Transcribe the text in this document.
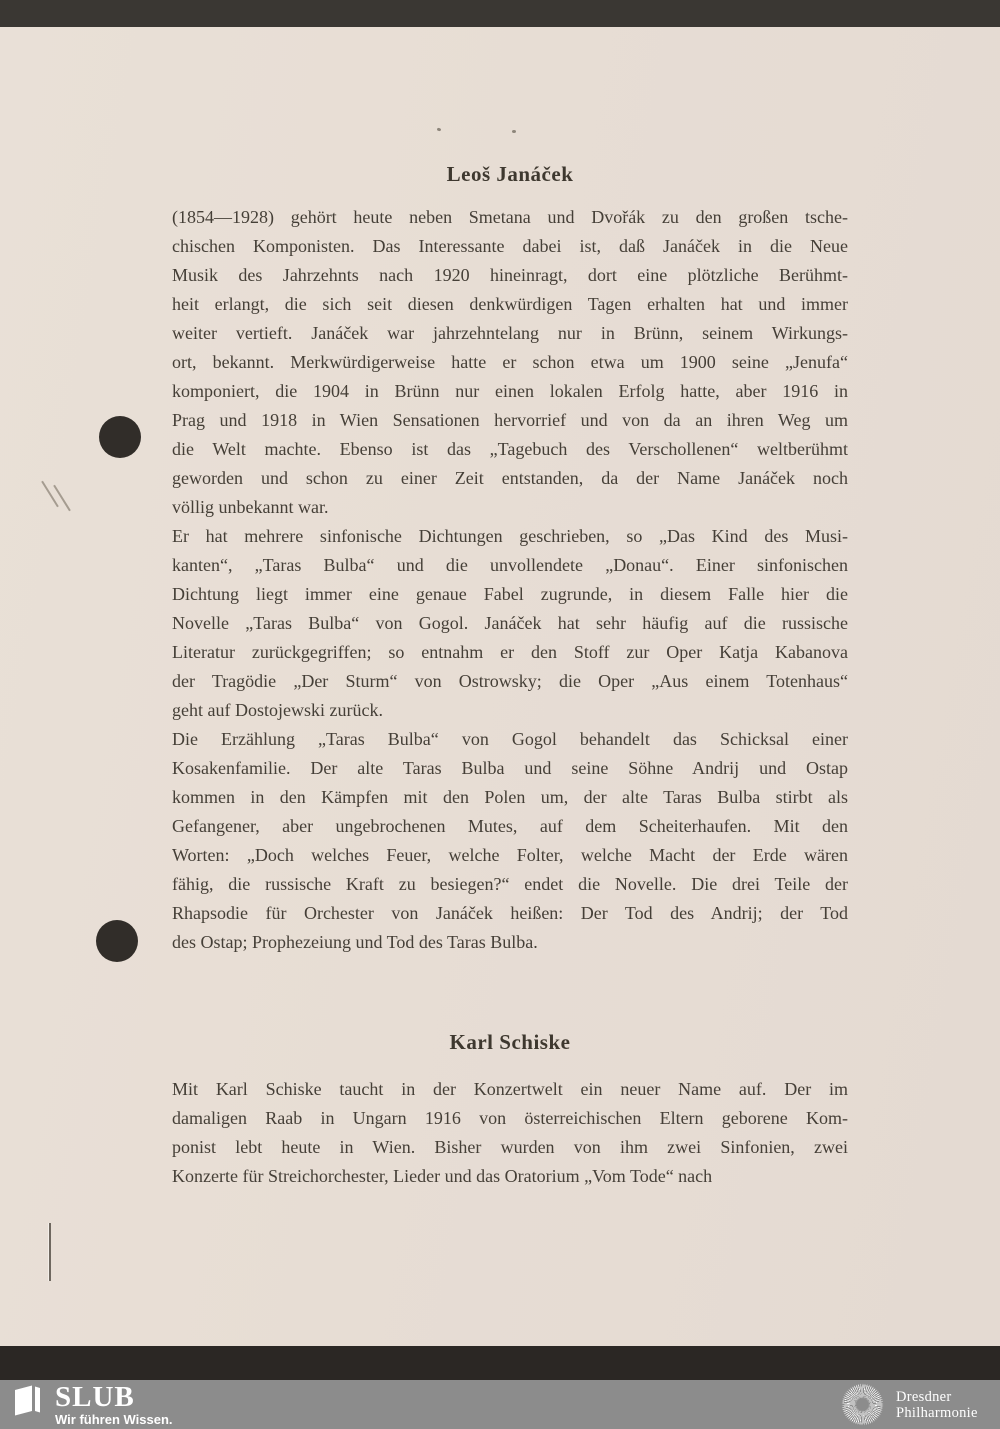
Leoš Janáček
(1854—1928) gehört heute neben Smetana und Dvořák zu den großen tsche-
chischen Komponisten. Das Interessante dabei ist, daß Janáček in die Neue
Musik des Jahrzehnts nach 1920 hineinragt, dort eine plötzliche Berühmt-
heit erlangt, die sich seit diesen denkwürdigen Tagen erhalten hat und immer
weiter vertieft. Janáček war jahrzehntelang nur in Brünn, seinem Wirkungs-
ort, bekannt. Merkwürdigerweise hatte er schon etwa um 1900 seine „Jenufa“
komponiert, die 1904 in Brünn nur einen lokalen Erfolg hatte, aber 1916 in
Prag und 1918 in Wien Sensationen hervorrief und von da an ihren Weg um
die Welt machte. Ebenso ist das „Tagebuch des Verschollenen“ weltberühmt
geworden und schon zu einer Zeit entstanden, da der Name Janáček noch
völlig unbekannt war.
Er hat mehrere sinfonische Dichtungen geschrieben, so „Das Kind des Musi-
kanten“, „Taras Bulba“ und die unvollendete „Donau“. Einer sinfonischen
Dichtung liegt immer eine genaue Fabel zugrunde, in diesem Falle hier die
Novelle „Taras Bulba“ von Gogol. Janáček hat sehr häufig auf die russische
Literatur zurückgegriffen; so entnahm er den Stoff zur Oper Katja Kabanova
der Tragödie „Der Sturm“ von Ostrowsky; die Oper „Aus einem Totenhaus“
geht auf Dostojewski zurück.
Die Erzählung „Taras Bulba“ von Gogol behandelt das Schicksal einer
Kosakenfamilie. Der alte Taras Bulba und seine Söhne Andrij und Ostap
kommen in den Kämpfen mit den Polen um, der alte Taras Bulba stirbt als
Gefangener, aber ungebrochenen Mutes, auf dem Scheiterhaufen. Mit den
Worten: „Doch welches Feuer, welche Folter, welche Macht der Erde wären
fähig, die russische Kraft zu besiegen?“ endet die Novelle. Die drei Teile der
Rhapsodie für Orchester von Janáček heißen: Der Tod des Andrij; der Tod
des Ostap; Prophezeiung und Tod des Taras Bulba.
Karl Schiske
Mit Karl Schiske taucht in der Konzertwelt ein neuer Name auf. Der im
damaligen Raab in Ungarn 1916 von österreichischen Eltern geborene Kom-
ponist lebt heute in Wien. Bisher wurden von ihm zwei Sinfonien, zwei
Konzerte für Streichorchester, Lieder und das Oratorium „Vom Tode“ nach
SLUB
Wir führen Wissen.
Dresdner
Philharmonie
